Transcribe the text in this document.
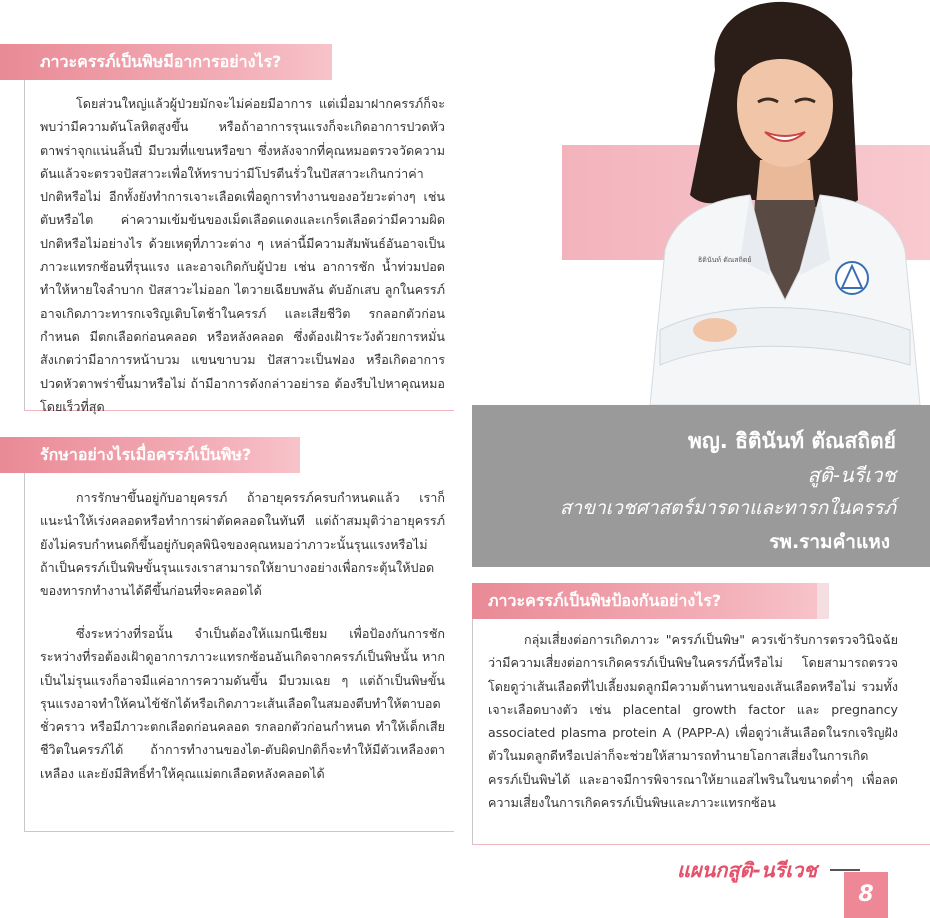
ภาวะครรภ์เป็นพิษมีอาการอย่างไร?

โดยส่วนใหญ่แล้วผู้ป่วยมักจะไม่ค่อยมีอาการ แต่เมื่อมาฝากครรภ์ก็จะพบว่ามีความดันโลหิตสูงขึ้น หรือถ้าอาการรุนแรงก็จะเกิดอาการปวดหัวตาพร่าจุกแน่นลิ้นปี่ มีบวมที่แขนหรือขา ซึ่งหลังจากที่คุณหมอตรวจวัดความดันแล้วจะตรวจปัสสาวะเพื่อให้ทราบว่ามีโปรตีนรั่วในปัสสาวะเกินกว่าค่าปกติหรือไม่ อีกทั้งยังทำการเจาะเลือดเพื่อดูการทำงานของอวัยวะต่างๆ เช่น ตับหรือไต ค่าความเข้มข้นของเม็ดเลือดแดงและเกร็ดเลือดว่ามีความผิดปกติหรือไม่อย่างไร ด้วยเหตุที่ภาวะต่าง ๆ เหล่านี้มีความสัมพันธ์อันอาจเป็นภาวะแทรกซ้อนที่รุนแรง และอาจเกิดกับผู้ป่วย เช่น อาการชัก น้ำท่วมปอด ทำให้หายใจลำบาก ปัสสาวะไม่ออก ไตวายเฉียบพลัน ตับอักเสบ ลูกในครรภ์อาจเกิดภาวะทารกเจริญเติบโตช้าในครรภ์ และเสียชีวิต รกลอกตัวก่อนกำหนด มีตกเลือดก่อนคลอด หรือหลังคลอด ซึ่งต้องเฝ้าระวังด้วยการหมั่นสังเกตว่ามีอาการหน้าบวม แขนขาบวม ปัสสาวะเป็นฟอง หรือเกิดอาการปวดหัวตาพร่าขึ้นมาหรือไม่ ถ้ามีอาการดังกล่าวอย่ารอ ต้องรีบไปหาคุณหมอโดยเร็วที่สุด

รักษาอย่างไรเมื่อครรภ์เป็นพิษ?

การรักษาขึ้นอยู่กับอายุครรภ์ ถ้าอายุครรภ์ครบกำหนดแล้ว เราก็แนะนำให้เร่งคลอดหรือทำการผ่าตัดคลอดในทันที แต่ถ้าสมมุติว่าอายุครรภ์ยังไม่ครบกำหนดก็ขึ้นอยู่กับดุลพินิจของคุณหมอว่าภาวะนั้นรุนแรงหรือไม่ ถ้าเป็นครรภ์เป็นพิษขั้นรุนแรงเราสามารถให้ยาบางอย่างเพื่อกระตุ้นให้ปอดของทารกทำงานได้ดีขึ้นก่อนที่จะคลอดได้

ซึ่งระหว่างที่รอนั้น จำเป็นต้องให้แมกนีเซียม เพื่อป้องกันการชัก ระหว่างที่รอต้องเฝ้าดูอาการภาวะแทรกซ้อนอันเกิดจากครรภ์เป็นพิษนั้น หากเป็นไม่รุนแรงก็อาจมีแค่อาการความดันขึ้น มีบวมเฉย ๆ แต่ถ้าเป็นพิษขั้นรุนแรงอาจทำให้คนไข้ชักได้หรือเกิดภาวะเส้นเลือดในสมองตีบทำให้ตาบอดชั่วคราว หรือมีภาวะตกเลือดก่อนคลอด รกลอกตัวก่อนกำหนด ทำให้เด็กเสียชีวิตในครรภ์ได้ ถ้าการทำงานของไต-ตับผิดปกติก็จะทำให้มีตัวเหลืองตาเหลือง และยังมีสิทธิ์ทำให้คุณแม่ตกเลือดหลังคลอดได้

ธิตินันท์ ตัณสถิตย์
พญ. ธิตินันท์ ตัณสถิตย์
สูติ-นรีเวช
สาขาเวชศาสตร์มารดาและทารกในครรภ์
รพ.รามคำแหง
ภาวะครรภ์เป็นพิษป้องกันอย่างไร?

กลุ่มเสี่ยงต่อการเกิดภาวะ "ครรภ์เป็นพิษ" ควรเข้ารับการตรวจวินิจฉัยว่ามีความเสี่ยงต่อการเกิดครรภ์เป็นพิษในครรภ์นี้หรือไม่ โดยสามารถตรวจโดยดูว่าเส้นเลือดที่ไปเลี้ยงมดลูกมีความต้านทานของเส้นเลือดหรือไม่ รวมทั้งเจาะเลือดบางตัว เช่น placental growth factor และ pregnancy associated plasma protein A (PAPP-A) เพื่อดูว่าเส้นเลือดในรกเจริญฝังตัวในมดลูกดีหรือเปล่าก็จะช่วยให้สามารถทำนายโอกาสเสี่ยงในการเกิดครรภ์เป็นพิษได้ และอาจมีการพิจารณาให้ยาแอสไพรินในขนาดต่ำๆ เพื่อลดความเสี่ยงในการเกิดครรภ์เป็นพิษและภาวะแทรกซ้อน

แผนกสูติ-นรีเวช
8
